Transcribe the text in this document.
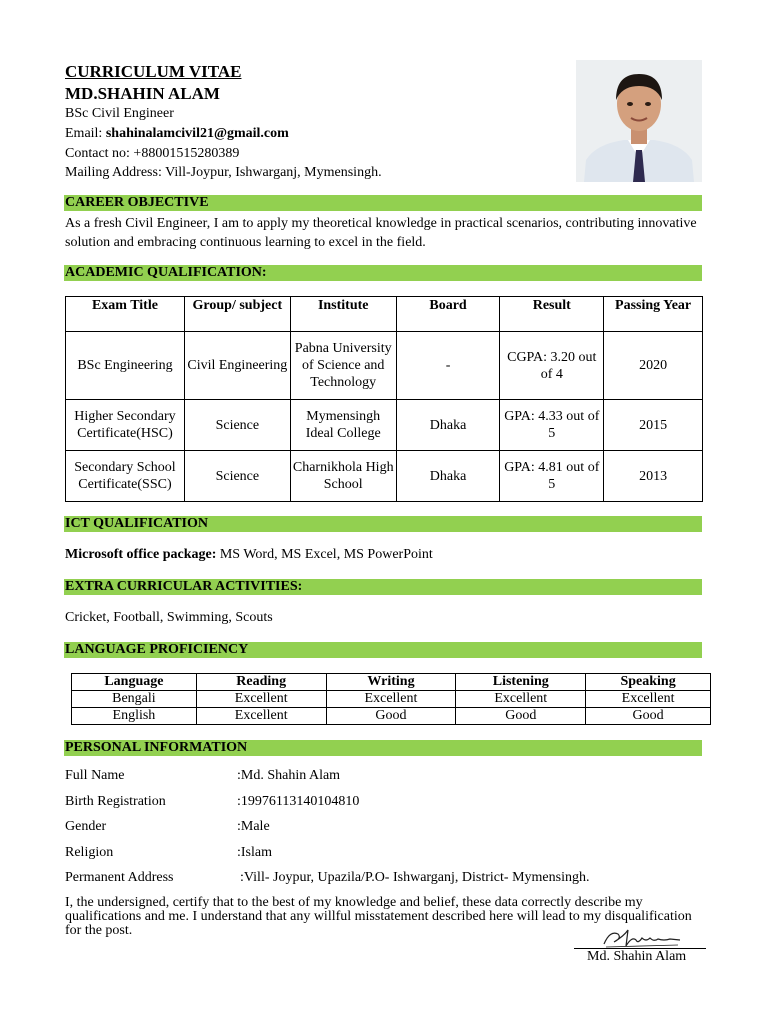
CURRICULUM VITAE
MD.SHAHIN ALAM
BSc Civil Engineer
Email: shahinalamcivil21@gmail.com
Contact no: +88001515280389
Mailing Address: Vill-Joypur, Ishwarganj, Mymensingh.
CAREER OBJECTIVE
As a fresh Civil Engineer, I am to apply my theoretical knowledge in practical scenarios, contributing innovative solution and embracing continuous learning to excel in the field.
ACADEMIC QUALIFICATION:
Exam Title	Group/ subject	Institute	Board	Result	Passing Year
BSc Engineering	Civil Engineering	Pabna University of Science and Technology	-	CGPA: 3.20 out of 4	2020
Higher Secondary Certificate(HSC)	Science	Mymensingh Ideal College	Dhaka	GPA: 4.33 out of 5	2015
Secondary School Certificate(SSC)	Science	Charnikhola High School	Dhaka	GPA: 4.81 out of 5	2013
ICT QUALIFICATION
Microsoft office package: MS Word, MS Excel, MS PowerPoint
EXTRA CURRICULAR ACTIVITIES:
Cricket, Football, Swimming, Scouts
LANGUAGE PROFICIENCY
Language	Reading	Writing	Listening	Speaking
Bengali	Excellent	Excellent	Excellent	Excellent
English	Excellent	Good	Good	Good
PERSONAL INFORMATION
Full Name	:Md. Shahin Alam
Birth Registration	:19976113140104810
Gender	:Male
Religion	:Islam
Permanent Address	:Vill- Joypur, Upazila/P.O- Ishwarganj, District- Mymensingh.
I, the undersigned, certify that to the best of my knowledge and belief, these data correctly describe my qualifications and me. I understand that any willful misstatement described here will lead to my disqualification for the post.
Md. Shahin Alam
